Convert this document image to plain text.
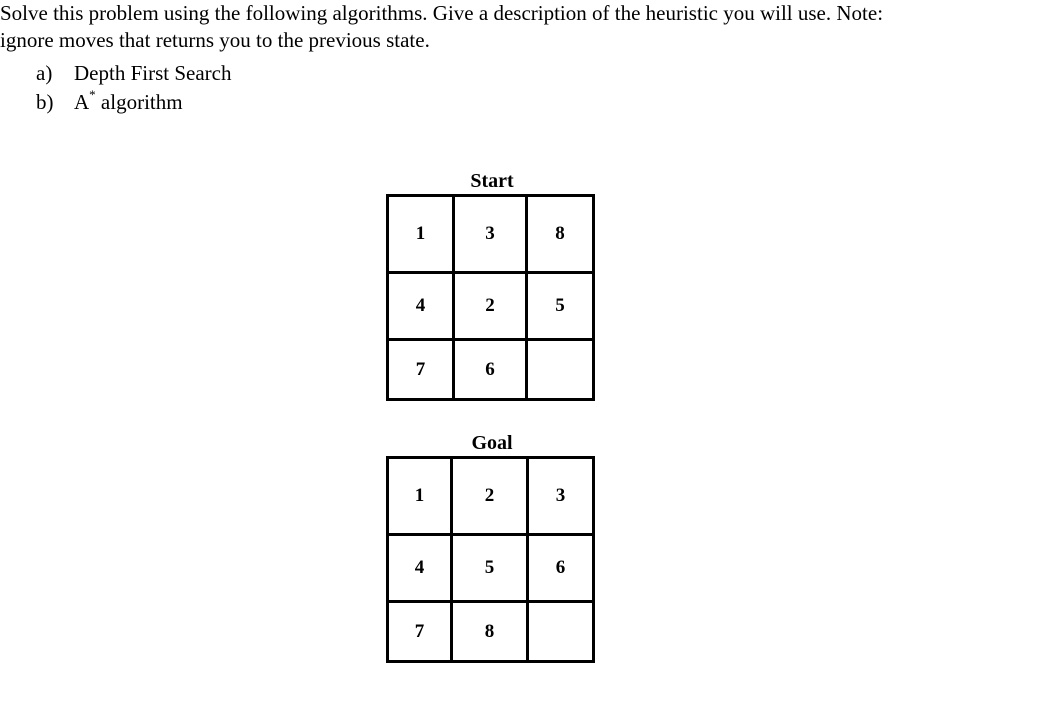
Solve this problem using the following algorithms. Give a description of the heuristic you will use. Note:
ignore moves that returns you to the previous state.
a)	Depth First Search
b) A* algorithm
Start
1	3	8
4	2	5
7	6	
Goal
1	2	3
4	5	6
7	8	
